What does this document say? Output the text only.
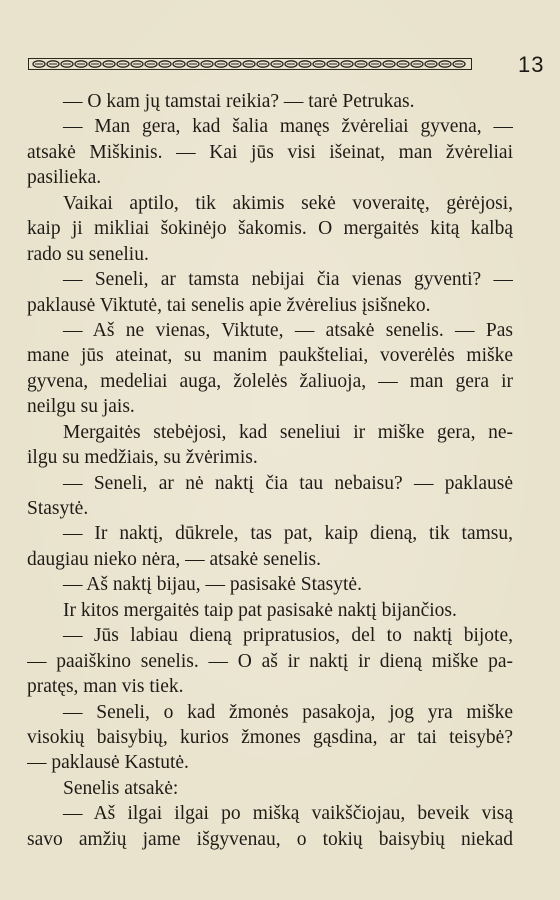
13
— O kam jų tamstai reikia? — tarė Petrukas.
— Man gera, kad šalia manęs žvėreliai gyvena, —
atsakė Miškinis. — Kai jūs visi išeinat, man žvėreliai
pasilieka.
Vaikai aptilo, tik akimis sekė voveraitę, gėrėjosi,
kaip ji mikliai šokinėjo šakomis. O mergaitės kitą kalbą
rado su seneliu.
— Seneli, ar tamsta nebijai čia vienas gyventi? —
paklausė Viktutė, tai senelis apie žvėrelius įsišneko.
— Aš ne vienas, Viktute, — atsakė senelis. — Pas
mane jūs ateinat, su manim paukšteliai, voverėlės miške
gyvena, medeliai auga, žolelės žaliuoja, — man gera ir
neilgu su jais.
Mergaitės stebėjosi, kad seneliui ir miške gera, ne-
ilgu su medžiais, su žvėrimis.
— Seneli, ar nė naktį čia tau nebaisu? — paklausė
Stasytė.
— Ir naktį, dūkrele, tas pat, kaip dieną, tik tamsu,
daugiau nieko nėra, — atsakė senelis.
— Aš naktį bijau, — pasisakė Stasytė.
Ir kitos mergaitės taip pat pasisakė naktį bijančios.
— Jūs labiau dieną pripratusios, del to naktį bijote,
— paaiškino senelis. — O aš ir naktį ir dieną miške pa-
pratęs, man vis tiek.
— Seneli, o kad žmonės pasakoja, jog yra miške
visokių baisybių, kurios žmones gąsdina, ar tai teisybė?
— paklausė Kastutė.
Senelis atsakė:
— Aš ilgai ilgai po mišką vaikščiojau, beveik visą
savo amžių jame išgyvenau, o tokių baisybių niekad
